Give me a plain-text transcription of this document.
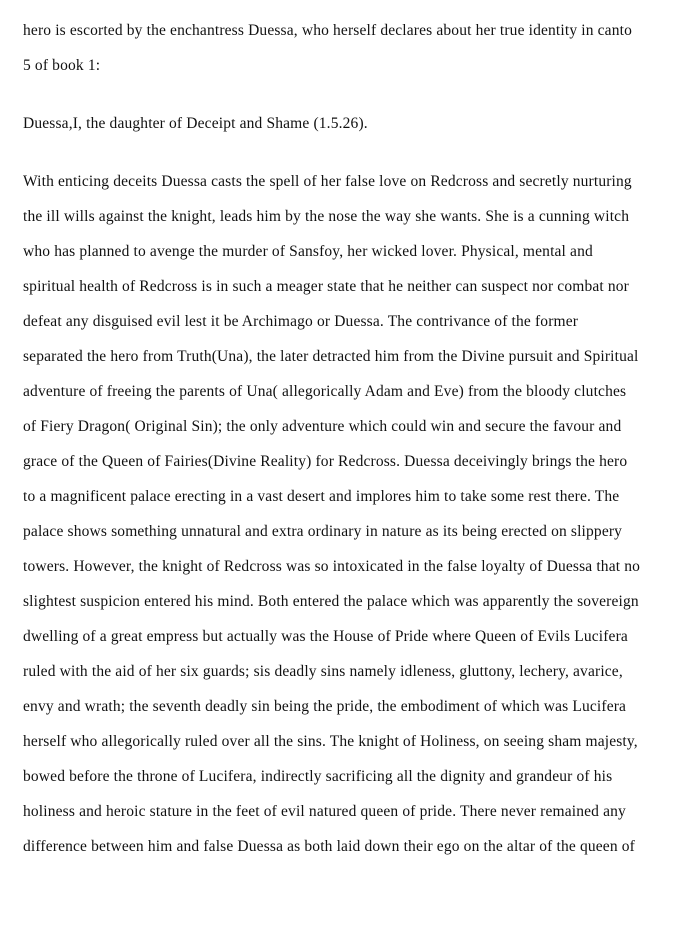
hero is escorted by the enchantress Duessa, who herself declares about her true identity in canto
5 of book 1:
Duessa,I, the daughter of Deceipt and Shame (1.5.26).
With enticing deceits Duessa casts the spell of her false love on Redcross and secretly nurturing
the ill wills against the knight, leads him by the nose the way she wants. She is a cunning witch
who has planned to avenge the murder of Sansfoy, her wicked lover. Physical, mental and
spiritual health of Redcross is in such a meager state that he neither can suspect nor combat nor
defeat any disguised evil lest it be Archimago or Duessa. The contrivance of the former
separated the hero from Truth(Una), the later detracted him from the Divine pursuit and Spiritual
adventure of freeing the parents of Una( allegorically Adam and Eve) from the bloody clutches
of Fiery Dragon( Original Sin); the only adventure which could win and secure the favour and
grace of the Queen of Fairies(Divine Reality) for Redcross. Duessa deceivingly brings the hero
to a magnificent palace erecting in a vast desert and implores him to take some rest there. The
palace shows something unnatural and extra ordinary in nature as its being erected on slippery
towers. However, the knight of Redcross was so intoxicated in the false loyalty of Duessa that no
slightest suspicion entered his mind. Both entered the palace which was apparently the sovereign
dwelling of a great empress but actually was the House of Pride where Queen of Evils Lucifera
ruled with the aid of her six guards; sis deadly sins namely idleness, gluttony, lechery, avarice,
envy and wrath; the seventh deadly sin being the pride, the embodiment of which was Lucifera
herself who allegorically ruled over all the sins. The knight of Holiness, on seeing sham majesty,
bowed before the throne of Lucifera, indirectly sacrificing all the dignity and grandeur of his
holiness and heroic stature in the feet of evil natured queen of pride. There never remained any
difference between him and false Duessa as both laid down their ego on the altar of the queen of
